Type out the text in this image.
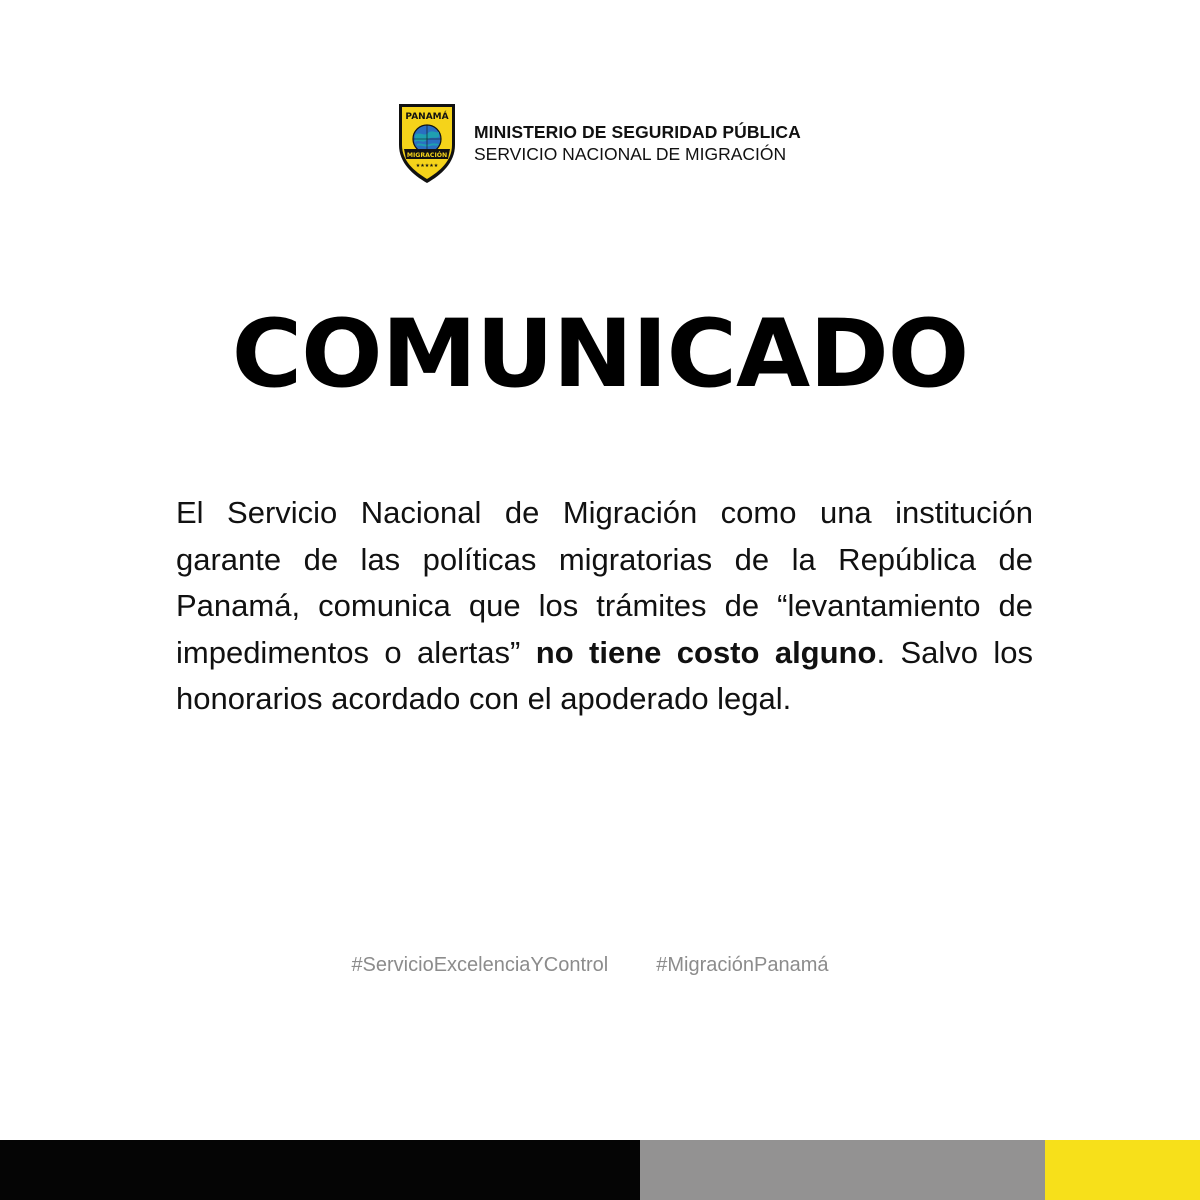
PANAMÁ
MIGRACIÓN
★★★★★
MINISTERIO DE SEGURIDAD PÚBLICA
SERVICIO NACIONAL DE MIGRACIÓN
COMUNICADO
El Servicio Nacional de Migración como una institución garante de las políticas migratorias de la República de Panamá, comunica que los trámites de “levantamiento de impedimentos o alertas” no tiene costo alguno. Salvo los honorarios acordado con el apoderado legal.
#ServicioExcelenciaYControl #MigraciónPanamá
